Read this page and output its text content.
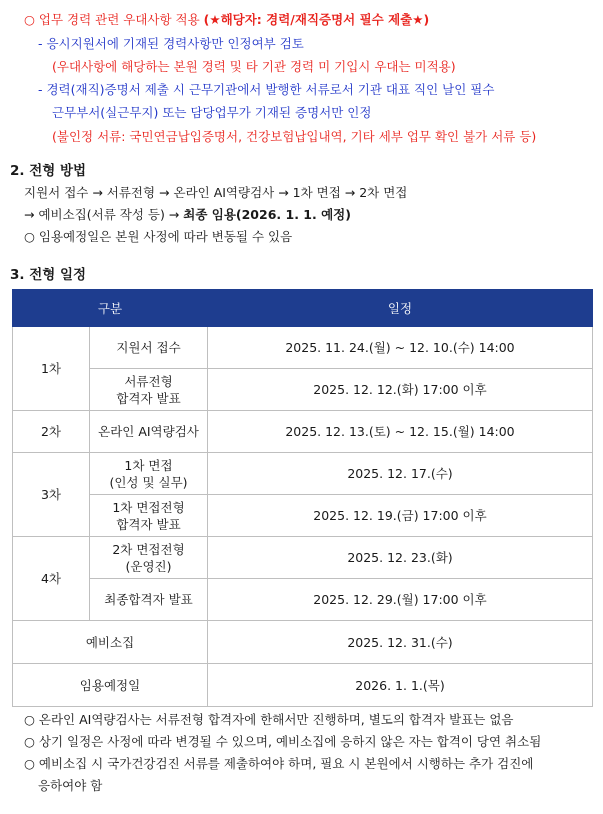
○ 업무 경력 관련 우대사항 적용 (★해당자: 경력/재직증명서 필수 제출★)
- 응시지원서에 기재된 경력사항만 인정여부 검토
(우대사항에 해당하는 본원 경력 및 타 기관 경력 미 기입시 우대는 미적용)
- 경력(재직)증명서 제출 시 근무기관에서 발행한 서류로서 기관 대표 직인 날인 필수
근무부서(실근무지) 또는 담당업무가 기재된 증명서만 인정
(불인정 서류: 국민연금납입증명서, 건강보험납입내역, 기타 세부 업무 확인 불가 서류 등)
2. 전형 방법
지원서 접수 → 서류전형 → 온라인 AI역량검사 → 1차 면접 → 2차 면접
→ 예비소집(서류 작성 등) → 최종 임용(2026. 1. 1. 예정)
○ 임용예정일은 본원 사정에 따라 변동될 수 있음
3. 전형 일정
구분		일정
1차	지원서 접수	2025. 11. 24.(월) ~ 12. 10.(수) 14:00

	서류전형
합격자 발표	2025. 12. 12.(화) 17:00 이후
2차	온라인 AI역량검사	2025. 12. 13.(토) ~ 12. 15.(월) 14:00
3차	1차 면접
(인성 및 실무)	2025. 12. 17.(수)

	1차 면접전형
합격자 발표	2025. 12. 19.(금) 17:00 이후
4차	2차 면접전형
(운영진)	2025. 12. 23.(화)
	최종합격자 발표	2025. 12. 29.(월) 17:00 이후
예비소집		2025. 12. 31.(수)
임용예정일		2026. 1. 1.(목)
○ 온라인 AI역량검사는 서류전형 합격자에 한해서만 진행하며, 별도의 합격자 발표는 없음
○ 상기 일정은 사정에 따라 변경될 수 있으며, 예비소집에 응하지 않은 자는 합격이 당연 취소됨
○ 예비소집 시 국가건강검진 서류를 제출하여야 하며, 필요 시 본원에서 시행하는 추가 검진에
응하여야 함
